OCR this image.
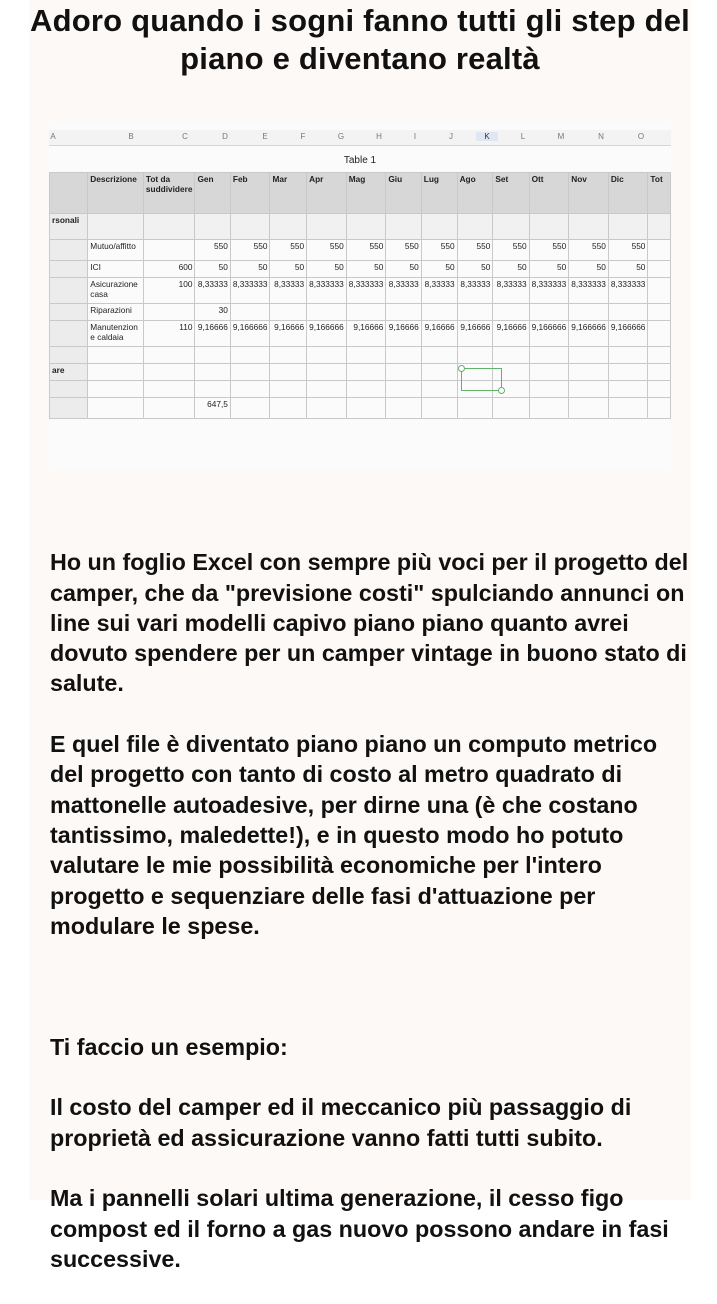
Adoro quando i sogni fanno tutti gli step del piano e diventano realtà
A	B	C	D	E	F	G	H	I	J	K	L	M	N	O
Table 1
	Descrizione	Tot da suddividere	Gen	Feb	Mar	Apr	Mag	Giu	Lug	Ago	Set	Ott	Nov	Dic	Tot
rsonali															
	Mutuo/affitto		550	550	550	550	550	550	550	550	550	550	550	550	
	ICI	600	50	50	50	50	50	50	50	50	50	50	50	50	
	Asicurazione casa	100	8,33333	8,333333	8,33333	8,333333	8,333333	8,33333	8,33333	8,33333	8,33333	8,333333	8,333333	8,333333	
	Riparazioni		30												
	Manutenzion e caldaia	110	9,16666	9,166666	9,16666	9,166666	9,16666	9,16666	9,16666	9,16666	9,16666	9,166666	9,166666	9,166666	

are															

			647,5												

Ho un foglio Excel con sempre più voci per il progetto del camper, che da "previsione costi" spulciando annunci on line sui vari modelli capivo piano piano quanto avrei dovuto spendere per un camper vintage in buono stato di salute.

E quel file è diventato piano piano un computo metrico del progetto con tanto di costo al metro quadrato di mattonelle autoadesive, per dirne una (è che costano tantissimo, maledette!), e in questo modo ho potuto valutare le mie possibilità economiche per l'intero progetto e sequenziare delle fasi d'attuazione per modulare le spese.

Ti faccio un esempio:

Il costo del camper ed il meccanico più passaggio di proprietà ed assicurazione vanno fatti tutti subito.

Ma i pannelli solari ultima generazione, il cesso figo compost ed il forno a gas nuovo possono andare in fasi successive.
